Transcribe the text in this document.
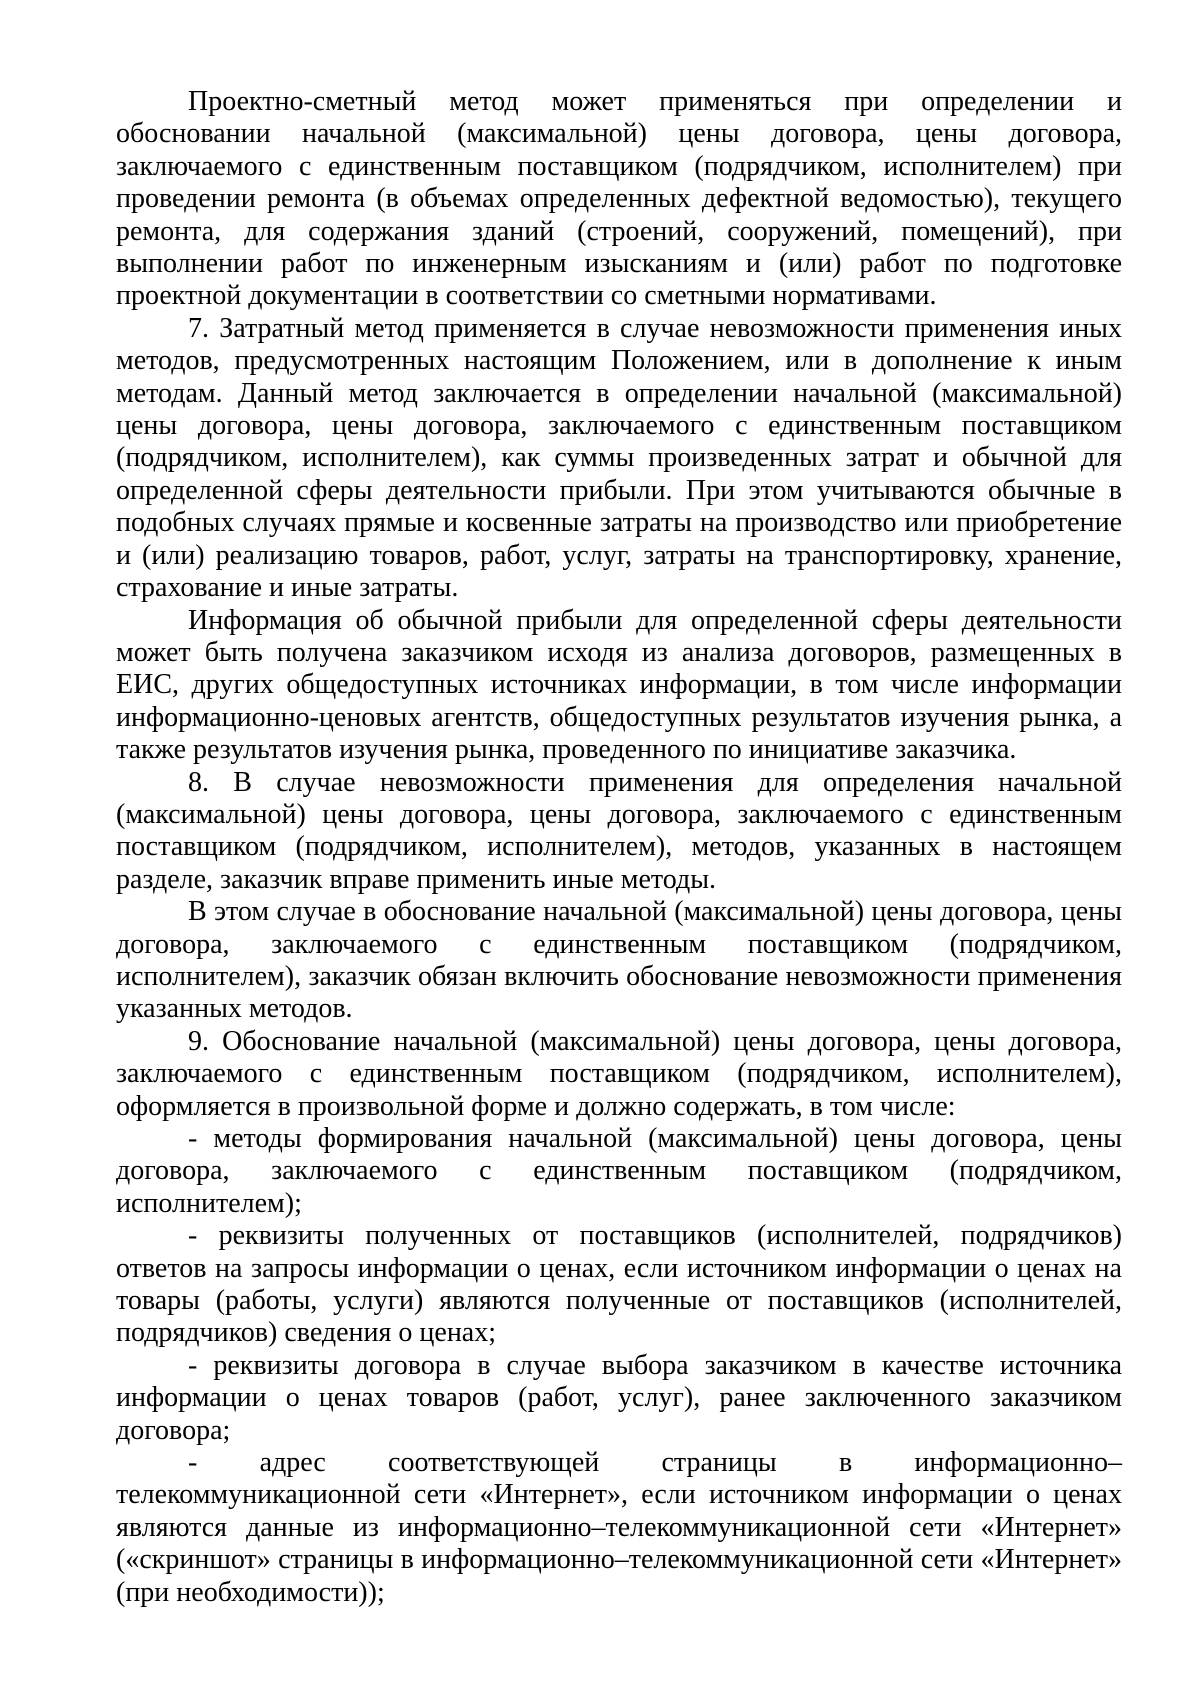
Проектно-сметный метод может применяться при определении и обосновании начальной (максимальной) цены договора, цены договора, заключаемого с единственным поставщиком (подрядчиком, исполнителем) при проведении ремонта (в объемах определенных дефектной ведомостью), текущего ремонта, для содержания зданий (строений, сооружений, помещений), при выполнении работ по инженерным изысканиям и (или) работ по подготовке проектной документации в соответствии со сметными нормативами.

7. Затратный метод применяется в случае невозможности применения иных методов, предусмотренных настоящим Положением, или в дополнение к иным методам. Данный метод заключается в определении начальной (максимальной) цены договора, цены договора, заключаемого с единственным поставщиком (подрядчиком, исполнителем), как суммы произведенных затрат и обычной для определенной сферы деятельности прибыли. При этом учитываются обычные в подобных случаях прямые и косвенные затраты на производство или приобретение и (или) реализацию товаров, работ, услуг, затраты на транспортировку, хранение, страхование и иные затраты.

Информация об обычной прибыли для определенной сферы деятельности может быть получена заказчиком исходя из анализа договоров, размещенных в ЕИС, других общедоступных источниках информации, в том числе информации информационно-ценовых агентств, общедоступных результатов изучения рынка, а также результатов изучения рынка, проведенного по инициативе заказчика.

8. В случае невозможности применения для определения начальной (максимальной) цены договора, цены договора, заключаемого с единственным поставщиком (подрядчиком, исполнителем), методов, указанных в настоящем разделе, заказчик вправе применить иные методы.

В этом случае в обоснование начальной (максимальной) цены договора, цены договора, заключаемого с единственным поставщиком (подрядчиком, исполнителем), заказчик обязан включить обоснование невозможности применения указанных методов.

9. Обоснование начальной (максимальной) цены договора, цены договора, заключаемого с единственным поставщиком (подрядчиком, исполнителем), оформляется в произвольной форме и должно содержать, в том числе:

- методы формирования начальной (максимальной) цены договора, цены договора, заключаемого с единственным поставщиком (подрядчиком, исполнителем);

- реквизиты полученных от поставщиков (исполнителей, подрядчиков) ответов на запросы информации о ценах, если источником информации о ценах на товары (работы, услуги) являются полученные от поставщиков (исполнителей, подрядчиков) сведения о ценах;

- реквизиты договора в случае выбора заказчиком в качестве источника информации о ценах товаров (работ, услуг), ранее заключенного заказчиком договора;

- адрес соответствующей страницы в информационно–телекоммуникационной сети «Интернет», если источником информации о ценах являются данные из информационно–телекоммуникационной сети «Интернет» («скриншот» страницы в информационно–телекоммуникационной сети «Интернет» (при необходимости));
